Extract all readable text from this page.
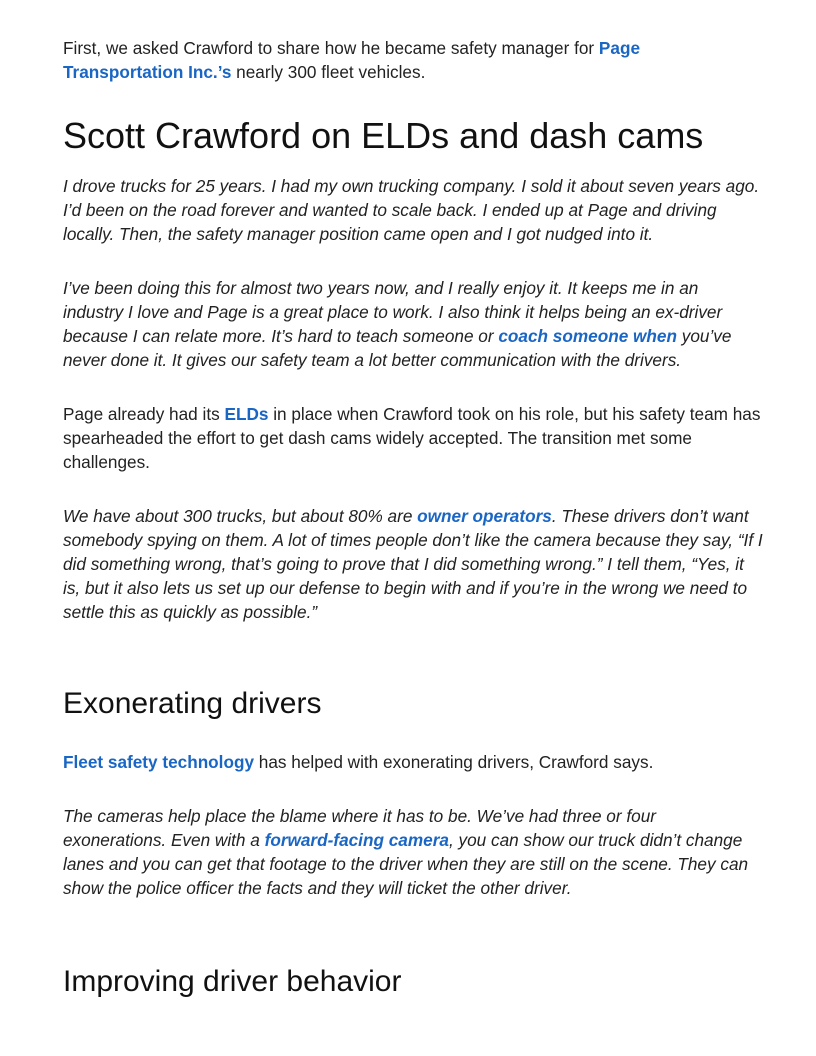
First, we asked Crawford to share how he became safety manager for Page Transportation Inc.’s nearly 300 fleet vehicles.

Scott Crawford on ELDs and dash cams

I drove trucks for 25 years. I had my own trucking company. I sold it about seven years ago. I’d been on the road forever and wanted to scale back. I ended up at Page and driving locally. Then, the safety manager position came open and I got nudged into it.

I’ve been doing this for almost two years now, and I really enjoy it. It keeps me in an industry I love and Page is a great place to work. I also think it helps being an ex-driver because I can relate more. It’s hard to teach someone or coach someone when you’ve never done it. It gives our safety team a lot better communication with the drivers.

Page already had its ELDs in place when Crawford took on his role, but his safety team has spearheaded the effort to get dash cams widely accepted. The transition met some challenges.

We have about 300 trucks, but about 80% are owner operators. These drivers don’t want somebody spying on them. A lot of times people don’t like the camera because they say, “If I did something wrong, that’s going to prove that I did something wrong.” I tell them, “Yes, it is, but it also lets us set up our defense to begin with and if you’re in the wrong we need to settle this as quickly as possible.”

Exonerating drivers

Fleet safety technology has helped with exonerating drivers, Crawford says.

The cameras help place the blame where it has to be. We’ve had three or four exonerations. Even with a forward-facing camera, you can show our truck didn’t change lanes and you can get that footage to the driver when they are still on the scene. They can show the police officer the facts and they will ticket the other driver.

Improving driver behavior
